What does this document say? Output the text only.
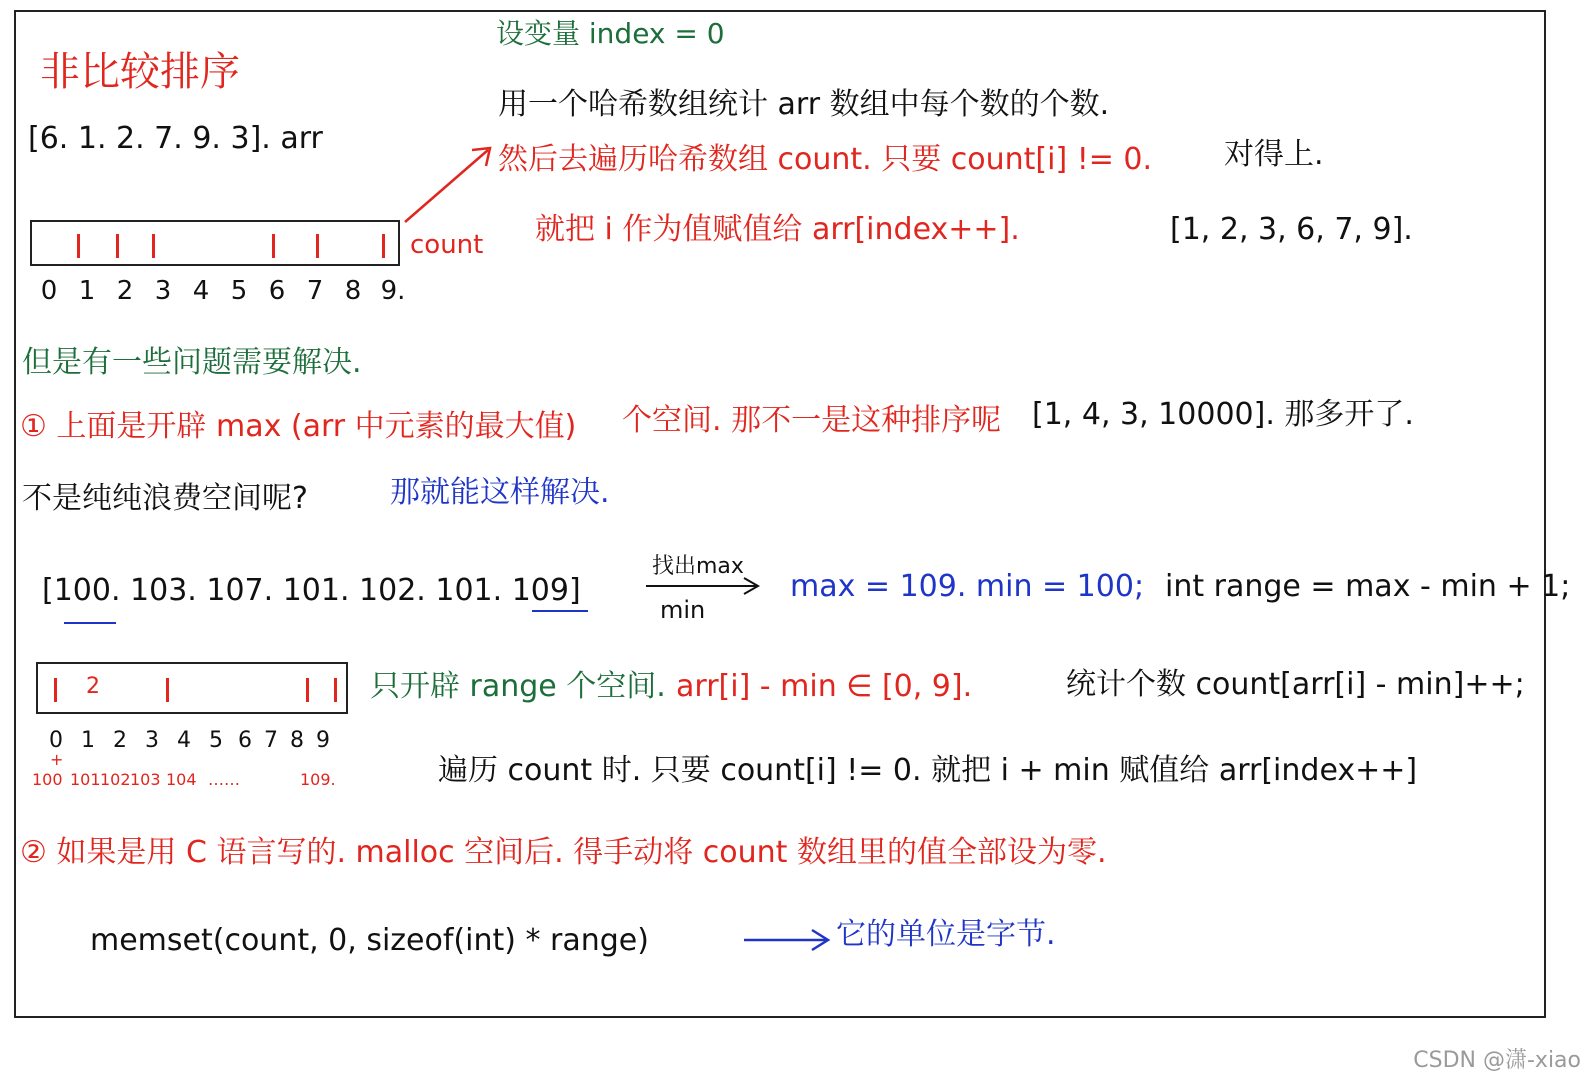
非比较排序
设变量 index = 0
[6. 1. 2. 7. 9. 3]. arr
用一个哈希数组统计 arr 数组中每个数的个数.
然后去遍历哈希数组 count. 只要 count[i] != 0. 对得上.
就把 i 作为值赋值给 arr[index++].	[1, 2, 3, 6, 7, 9].
count
0 1 2 3 4 5 6 7 8 9.
但是有一些问题需要解决.
① 上面是开辟 max (arr 中元素的最大值) 个空间. 那不一是这种排序呢 [1, 4, 3, 10000]. 那多开了.
不是纯纯浪费空间呢?	那就能这样解决.
[100. 103. 107. 101. 102. 101. 109]
找出max
min
max = 109. min = 100; int range = max - min + 1;
2	只开辟 range 个空间. arr[i] - min ∈ [0, 9].	统计个数 count[arr[i] - min]++;
0 1 2 3 4 5 6 7 8 9
+
100 101 102 103 104 ……	109.	遍历 count 时. 只要 count[i] != 0. 就把 i + min 赋值给 arr[index++]
② 如果是用 C 语言写的. malloc 空间后. 得手动将 count 数组里的值全部设为零.
memset(count, 0, sizeof(int) * range)	它的单位是字节.
CSDN @潇-xiao
